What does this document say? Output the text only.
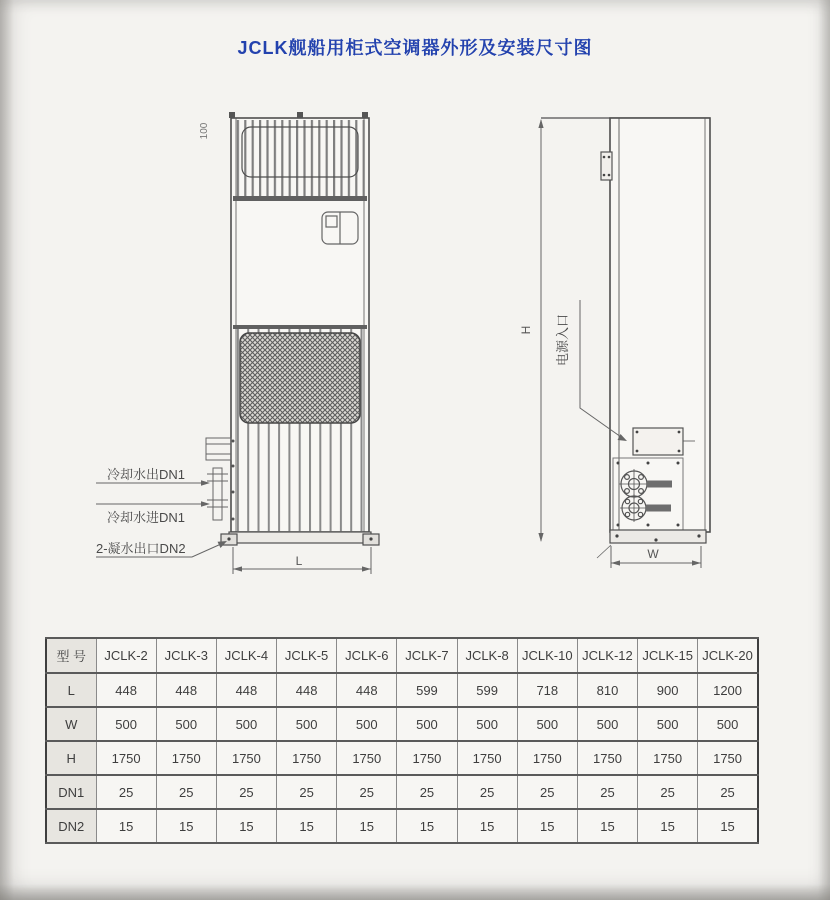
JCLK舰船用柜式空调器外形及安装尺寸图
冷却水出DN1
冷却水进DN1
2-凝水出口DN2
100
L
电源入口
H
W
型 号	JCLK-2	JCLK-3	JCLK-4	JCLK-5	JCLK-6	JCLK-7	JCLK-8	JCLK-10	JCLK-12	JCLK-15	JCLK-20
L	448	448	448	448	448	599	599	718	810	900	1200
W	500	500	500	500	500	500	500	500	500	500	500
H	1750	1750	1750	1750	1750	1750	1750	1750	1750	1750	1750
DN1	25	25	25	25	25	25	25	25	25	25	25
DN2	15	15	15	15	15	15	15	15	15	15	15
